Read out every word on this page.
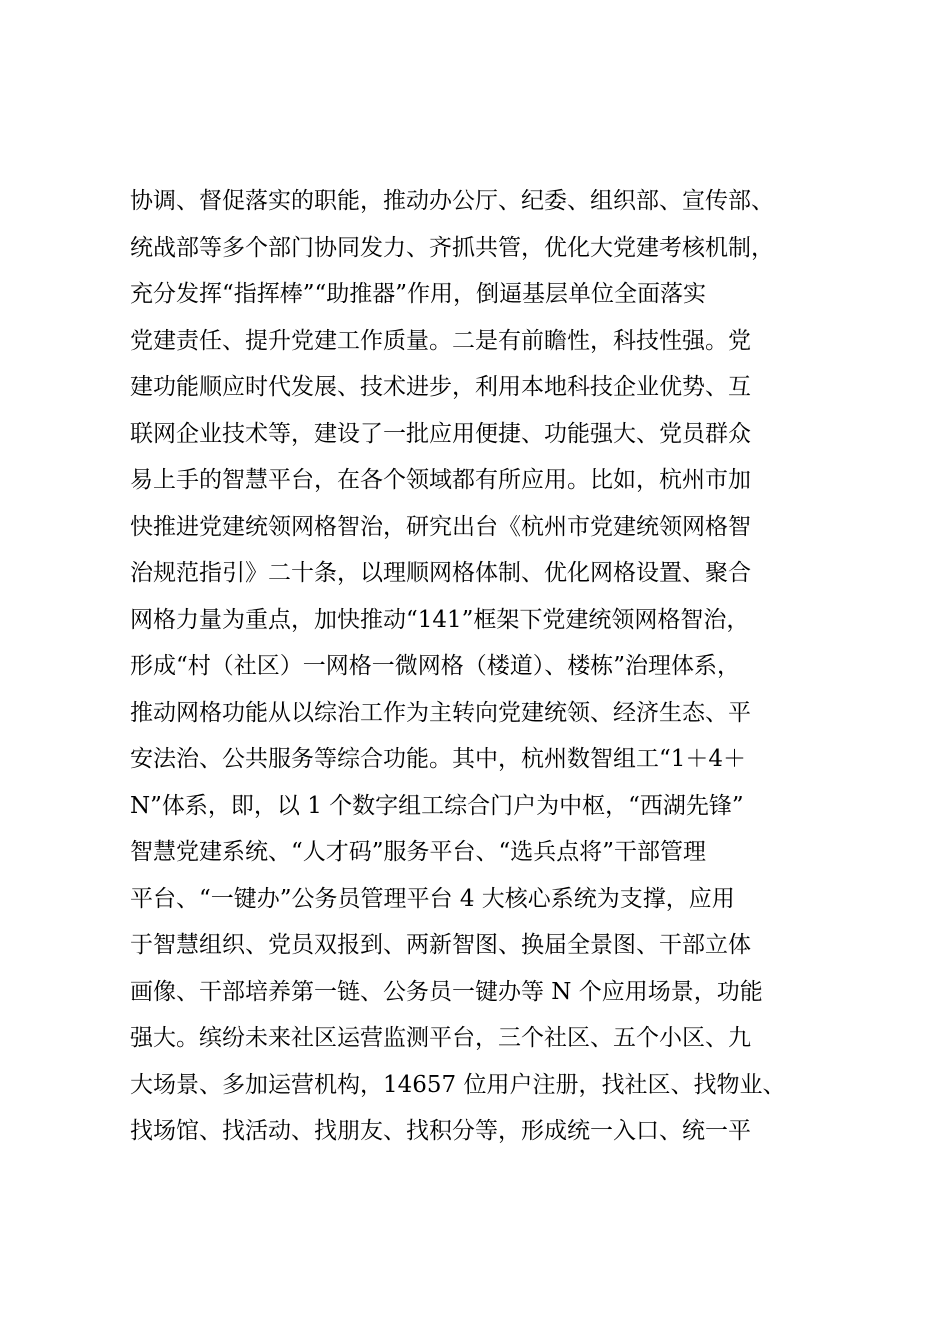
协调、督促落实的职能，推动办公厅、纪委、组织部、宣传部、
统战部等多个部门协同发力、齐抓共管，优化大党建考核机制，
充分发挥“指挥棒”“助推器”作用，倒逼基层单位全面落实
党建责任、提升党建工作质量。二是有前瞻性，科技性强。党
建功能顺应时代发展、技术进步，利用本地科技企业优势、互
联网企业技术等，建设了一批应用便捷、功能强大、党员群众
易上手的智慧平台，在各个领域都有所应用。比如，杭州市加
快推进党建统领网格智治，研究出台《杭州市党建统领网格智
治规范指引》二十条，以理顺网格体制、优化网格设置、聚合
网格力量为重点，加快推动“141”框架下党建统领网格智治，
形成“村（社区）一网格一微网格（楼道）、楼栋”治理体系，
推动网格功能从以综治工作为主转向党建统领、经济生态、平
安法治、公共服务等综合功能。其中，杭州数智组工“1＋4＋
N”体系，即，以 1 个数字组工综合门户为中枢，“西湖先锋”
智慧党建系统、“人才码”服务平台、“选兵点将”干部管理
平台、“一键办”公务员管理平台 4 大核心系统为支撑，应用
于智慧组织、党员双报到、两新智图、换届全景图、干部立体
画像、干部培养第一链、公务员一键办等 N 个应用场景，功能
强大。缤纷未来社区运营监测平台，三个社区、五个小区、九
大场景、多加运营机构，14657 位用户注册，找社区、找物业、
找场馆、找活动、找朋友、找积分等，形成统一入口、统一平
